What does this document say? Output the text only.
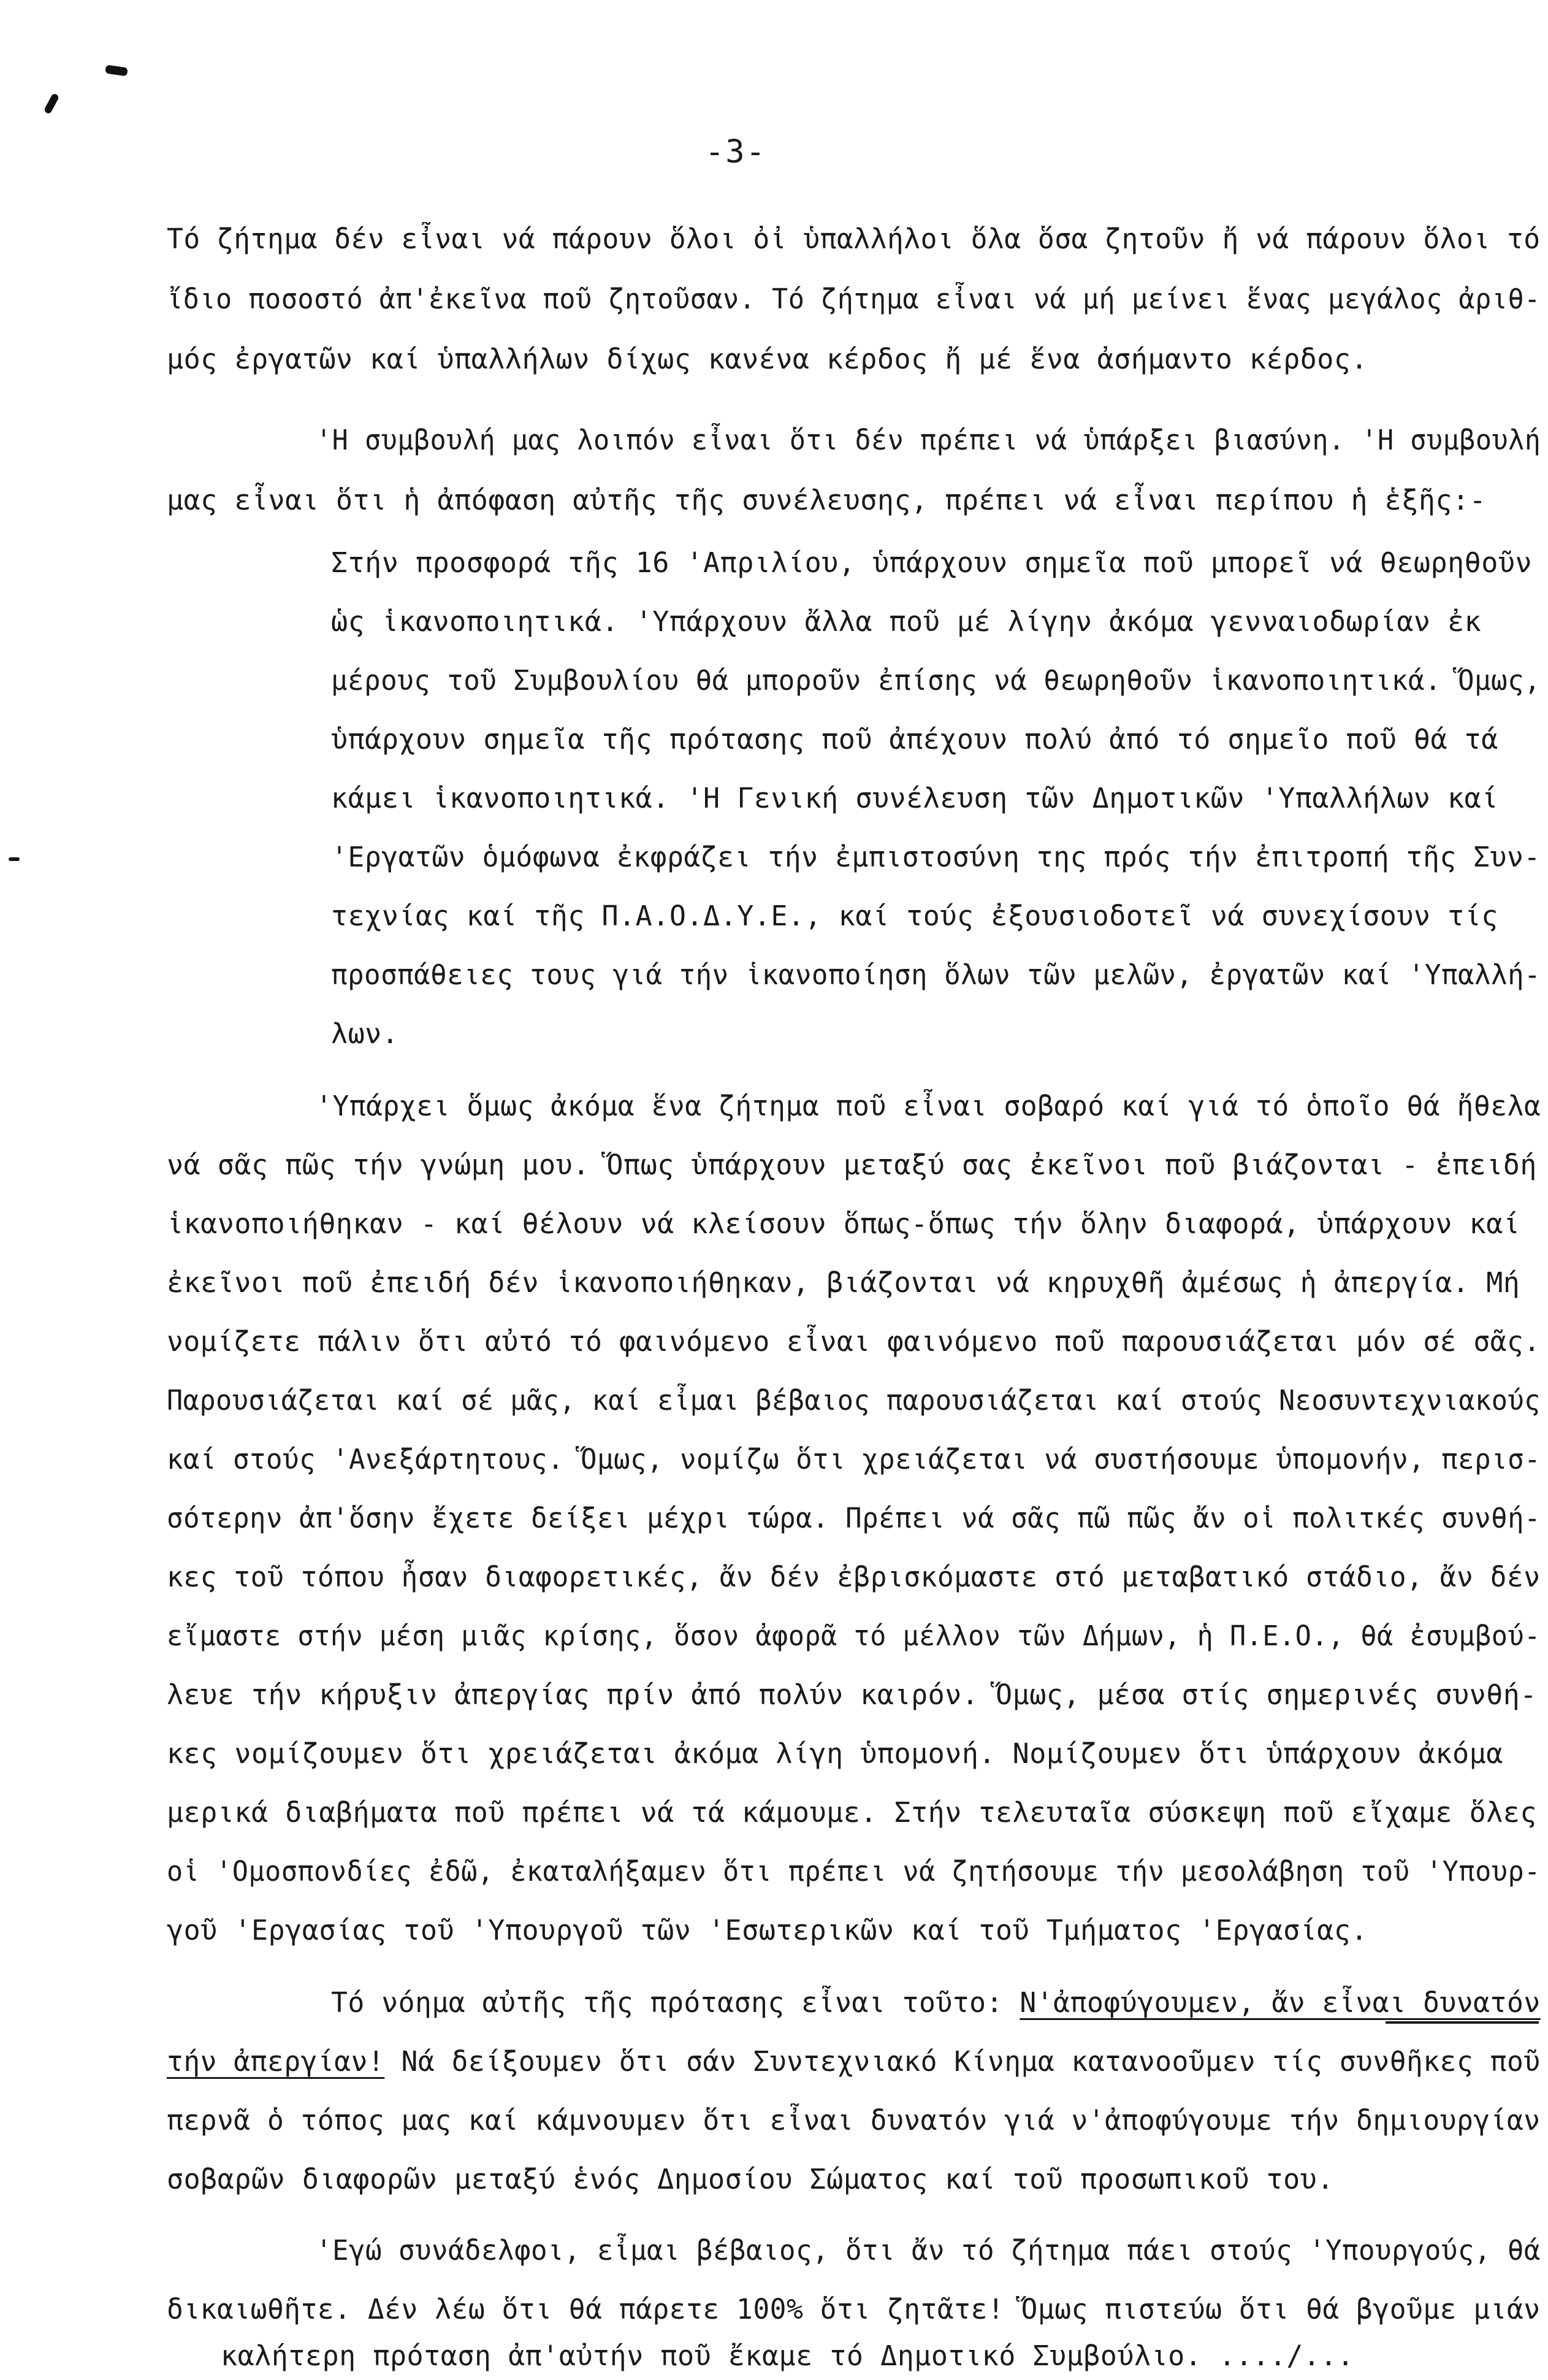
-3-
Τό ζήτημα δέν εἶναι νά πάρουν ὅλοι ὀἰ ὑπαλλήλοι ὅλα ὅσα ζητοῦν ἤ νά πάρουν ὅλοι τό
ἴδιο ποσοστό ἀπ'ἐκεῖνα ποῦ ζητοῦσαν. Τό ζήτημα εἶναι νά μή μείνει ἕνας μεγάλος ἀριθ-
μός ἐργατῶν καί ὑπαλλήλων δίχως κανένα κέρδος ἤ μέ ἕνα ἀσήμαντο κέρδος.
'Η συμβουλή μας λοιπόν εἶναι ὅτι δέν πρέπει νά ὑπάρξει βιασύνη. 'Η συμβουλή
μας εἶναι ὅτι ἡ ἀπόφαση αὐτῆς τῆς συνέλευσης, πρέπει νά εἶναι περίπου ἡ ἑξῆς:-
Στήν προσφορά τῆς 16 'Απριλίου, ὑπάρχουν σημεῖα ποῦ μπορεῖ νά θεωρηθοῦν
ὡς ἱκανοποιητικά. 'Υπάρχουν ἄλλα ποῦ μέ λίγην ἀκόμα γενναιοδωρίαν ἐκ
μέρους τοῦ Συμβουλίου θά μποροῦν ἐπίσης νά θεωρηθοῦν ἱκανοποιητικά. Ὅμως,
ὑπάρχουν σημεῖα τῆς πρότασης ποῦ ἀπέχουν πολύ ἀπό τό σημεῖο ποῦ θά τά
κάμει ἱκανοποιητικά. 'Η Γενική συνέλευση τῶν Δημοτικῶν 'Υπαλλήλων καί
'Εργατῶν ὁμόφωνα ἐκφράζει τήν ἐμπιστοσύνη της πρός τήν ἐπιτροπή τῆς Συν-
τεχνίας καί τῆς Π.Α.Ο.Δ.Υ.Ε., καί τούς ἐξουσιοδοτεῖ νά συνεχίσουν τίς
προσπάθειες τους γιά τήν ἱκανοποίηση ὅλων τῶν μελῶν, ἐργατῶν καί 'Υπαλλή-
λων.
'Υπάρχει ὅμως ἀκόμα ἕνα ζήτημα ποῦ εἶναι σοβαρό καί γιά τό ὁποῖο θά ἤθελα
νά σᾶς πῶς τήν γνώμη μου. Ὅπως ὑπάρχουν μεταξύ σας ἐκεῖνοι ποῦ βιάζονται - ἐπειδή
ἱκανοποιήθηκαν - καί θέλουν νά κλείσουν ὅπως-ὅπως τήν ὅλην διαφορά, ὑπάρχουν καί
ἐκεῖνοι ποῦ ἐπειδή δέν ἱκανοποιήθηκαν, βιάζονται νά κηρυχθῆ ἀμέσως ἡ ἀπεργία. Μή
νομίζετε πάλιν ὅτι αὐτό τό φαινόμενο εἶναι φαινόμενο ποῦ παρουσιάζεται μόν σέ σᾶς.
Παρουσιάζεται καί σέ μᾶς, καί εἶμαι βέβαιος παρουσιάζεται καί στούς Νεοσυντεχνιακούς
καί στούς 'Ανεξάρτητους. Ὅμως, νομίζω ὅτι χρειάζεται νά συστήσουμε ὑπομονήν, περισ-
σότερην ἀπ'ὅσην ἔχετε δείξει μέχρι τώρα. Πρέπει νά σᾶς πῶ πῶς ἄν οἱ πολιτκές συνθή-
κες τοῦ τόπου ἦσαν διαφορετικές, ἄν δέν ἐβρισκόμαστε στό μεταβατικό στάδιο, ἄν δέν
εἴμαστε στήν μέση μιᾶς κρίσης, ὅσον ἀφορᾶ τό μέλλον τῶν Δήμων, ἡ Π.Ε.Ο., θά ἐσυμβού-
λευε τήν κήρυξιν ἀπεργίας πρίν ἀπό πολύν καιρόν. Ὅμως, μέσα στίς σημερινές συνθή-
κες νομίζουμεν ὅτι χρειάζεται ἀκόμα λίγη ὑπομονή. Νομίζουμεν ὅτι ὑπάρχουν ἀκόμα
μερικά διαβήματα ποῦ πρέπει νά τά κάμουμε. Στήν τελευταῖα σύσκεψη ποῦ εἴχαμε ὅλες
οἱ 'Ομοσπονδίες ἐδῶ, ἐκαταλήξαμεν ὅτι πρέπει νά ζητήσουμε τήν μεσολάβηση τοῦ 'Υπουρ-
γοῦ 'Εργασίας τοῦ 'Υπουργοῦ τῶν 'Εσωτερικῶν καί τοῦ Τμήματος 'Εργασίας.
Τό νόημα αὐτῆς τῆς πρότασης εἶναι τοῦτο: Ν'ἀποφύγουμεν, ἄν εἶναι δυνατόν
τήν ἀπεργίαν! Νά δείξουμεν ὅτι σάν Συντεχνιακό Κίνημα κατανοοῦμεν τίς συνθῆκες ποῦ
περνᾶ ὁ τόπος μας καί κάμνουμεν ὅτι εἶναι δυνατόν γιά ν'ἀποφύγουμε τήν δημιουργίαν
σοβαρῶν διαφορῶν μεταξύ ἑνός Δημοσίου Σώματος καί τοῦ προσωπικοῦ του.
'Εγώ συνάδελφοι, εἶμαι βέβαιος, ὅτι ἄν τό ζήτημα πάει στούς 'Υπουργούς, θά
δικαιωθῆτε. Δέν λέω ὅτι θά πάρετε 100% ὅτι ζητᾶτε! Ὅμως πιστεύω ὅτι θά βγοῦμε μιάν
καλήτερη πρόταση ἀπ'αὐτήν ποῦ ἔκαμε τό Δημοτικό Συμβούλιο. ..../...
